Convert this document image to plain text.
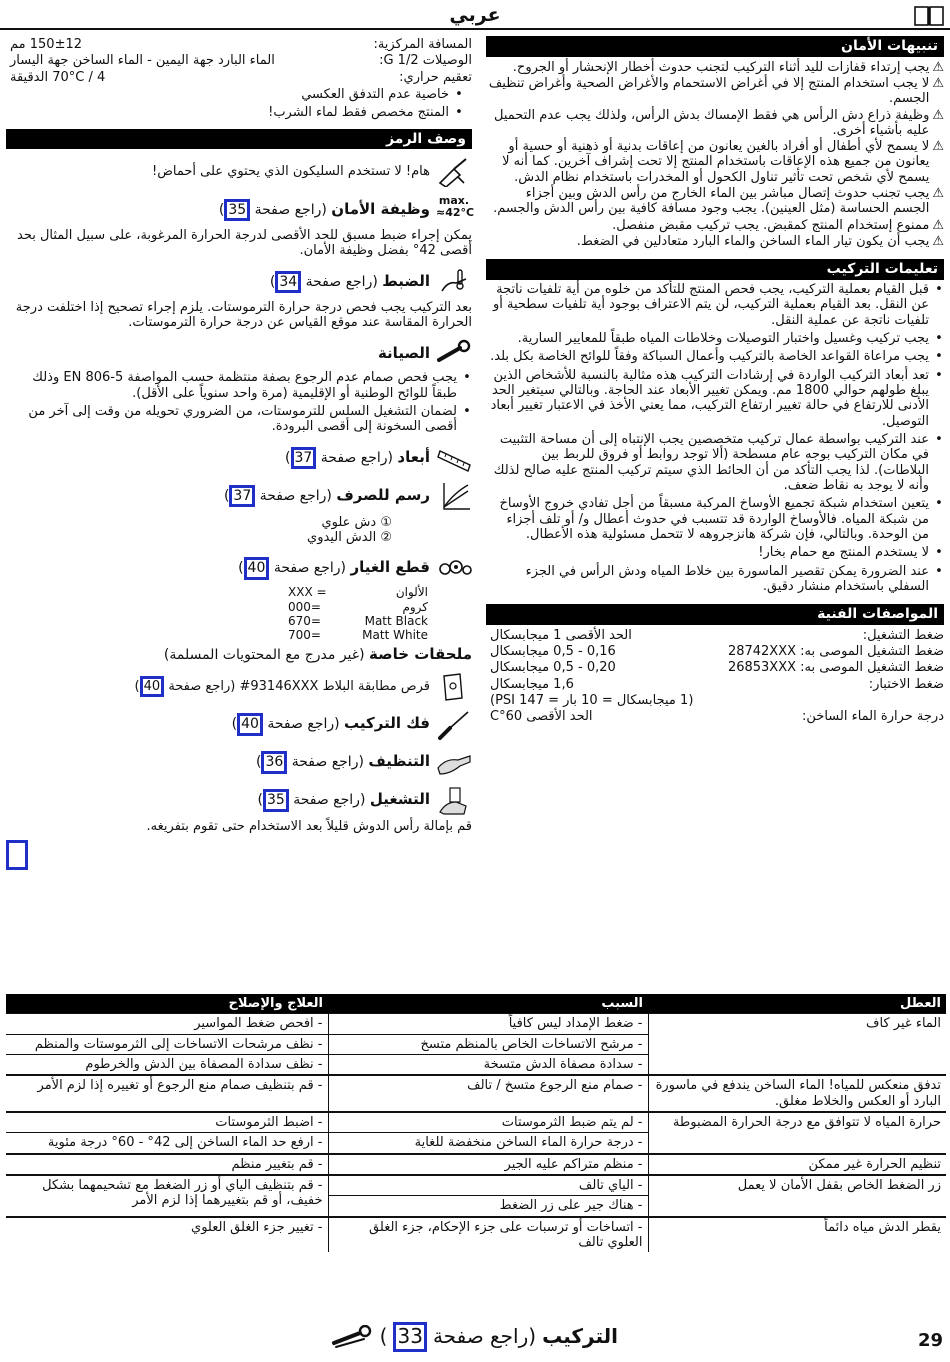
عربي
تنبيهات الأمان
⚠
يجب إرتداء قفازات لليد أثناء التركيب لتجنب حدوث أخطار الإنحشار أو الجروح.
⚠
لا يجب استخدام المنتج إلا في أغراض الاستحمام والأغراض الصحية وأغراض تنظيف الجسم.
⚠
وظيفة ذراع دش الرأس هي فقط الإمساك بدش الرأس، ولذلك يجب عدم التحميل عليه بأشياء أخرى.
⚠
لا يسمح لأي أطفال أو أفراد بالغين يعانون من إعاقات بدنية أو ذهنية أو حسية أو يعانون من جميع هذه الإعاقات باستخدام المنتج إلا تحت إشراف آخرين. كما أنه لا يسمح لأي شخص تحت تأثير تناول الكحول أو المخدرات باستخدام نظام الدش.
⚠
يجب تجنب حدوث إتصال مباشر بين الماء الخارج من رأس الدش وبين أجزاء الجسم الحساسة (مثل العينين). يجب وجود مسافة كافية بين رأس الدش والجسم.
⚠
ممنوع إستخدام المنتج كمقبض. يجب تركيب مقبض منفصل.
⚠
يجب أن يكون تيار الماء الساخن والماء البارد متعادلين في الضغط.
تعليمات التركيب
•
قبل القيام بعملية التركيب، يجب فحص المنتج للتأكد من خلوه من أية تلفيات ناتجة عن النقل. بعد القيام بعملية التركيب، لن يتم الاعتراف بوجود أية تلفيات سطحية أو تلفيات ناتجة عن عملية النقل.
•
يجب تركيب وغسيل واختبار التوصيلات وخلاطات المياه طبقاً للمعايير السارية.
•
يجب مراعاة القواعد الخاصة بالتركيب وأعمال السباكة وفقاً للوائح الخاصة بكل بلد.
•
تعد أبعاد التركيب الواردة في إرشادات التركيب هذه مثالية بالنسبة للأشخاص الذين يبلغ طولهم حوالي 1800 مم. ويمكن تغيير الأبعاد عند الحاجة. وبالتالي سيتغير الحد الأدنى للارتفاع في حالة تغيير ارتفاع التركيب، مما يعني الأخذ في الاعتبار تغيير أبعاد التوصيل.
•
عند التركيب بواسطة عمال تركيب متخصصين يجب الإنتباه إلى أن مساحة التثبيت في مكان التركيب بوجه عام مسطحة (ألا توجد روابط أو فروق للربط بين البلاطات). لذا يجب التأكد من أن الحائط الذي سيتم تركيب المنتج عليه صالح لذلك وأنه لا يوجد به نقاط ضعف.
•
يتعين استخدام شبكة تجميع الأوساخ المركبة مسبقاً من أجل تفادي خروج الأوساخ من شبكة المياه. فالأوساخ الواردة قد تتسبب في حدوث أعطال و/ أو تلف أجزاء من الوحدة. وبالتالي، فإن شركة هانزجروهه لا تتحمل مسئولية هذه الأعطال.
•
لا يستخدم المنتج مع حمام بخار!
•
عند الضرورة يمكن تقصير الماسورة بين خلاط المياه ودش الرأس في الجزء السفلي باستخدام منشار دقيق.
المواصفات الفنية
ضغط التشغيل:
الحد الأقصى 1 ميجابسكال
ضغط التشغيل الموصى به: 28742XXX
0,16 - 0,5 ميجابسكال
ضغط التشغيل الموصى به: 26853XXX
0,20 - 0,5 ميجابسكال
ضغط الاختبار:
1,6 ميجابسكال
(1 ميجابسكال = 10 بار = 147 PSI)
درجة حرارة الماء الساخن:
الحد الأقصى 60°C
المسافة المركزية:
150±12 مم
الوصيلات G 1/2:
الماء البارد جهة اليمين - الماء الساخن جهة اليسار
تعقيم حراري:
70°C / 4 الدقيقة
•
خاصية عدم التدفق العكسي
•
المنتج مخصص فقط لماء الشرب!
وصف الرمز
هام! لا تستخدم السليكون الذي يحتوي على أحماض!
max. ≈42°C
وظيفة الأمان (راجع صفحة 35)
يمكن إجراء ضبط مسبق للحد الأقصى لدرجة الحرارة المرغوبة، على سبيل المثال بحد أقصى 42° بفضل وظيفة الأمان.
الضبط (راجع صفحة 34)
بعد التركيب يجب فحص درجة حرارة الترموستات. يلزم إجراء تصحيح إذا اختلفت درجة الحرارة المقاسة عند موقع القياس عن درجة حرارة الترموستات.
الصيانة
•
يجب فحص صمام عدم الرجوع بصفة منتظمة حسب المواصفة EN 806-5 وذلك طبقاً للوائح الوطنية أو الإقليمية (مرة واحد سنوياً على الأقل).
•
لضمان التشغيل السلس للترموستات، من الضروري تحويله من وقت إلى آخر من أقصى السخونة إلى أقصى البرودة.
أبعاد (راجع صفحة 37)
رسم للصرف (راجع صفحة 37)
① دش علوي
② الدش اليدوي
قطع الغيار (راجع صفحة 40)
XXX =	الألوان
000=	كروم
670=	Matt Black
700=	Matt White
ملحقات خاصة (غير مدرج مع المحتويات المسلمة)
قرص مطابقة البلاط 93146XXX# (راجع صفحة 40)
فك التركيب (راجع صفحة 40)
التنظيف (راجع صفحة 36)
التشغيل (راجع صفحة 35)
قم بإمالة رأس الدوش قليلاً بعد الاستخدام حتى تقوم بتفريغه.
العطل	السبب	العلاج والإصلاح
الماء غير كاف	- ضغط الإمداد ليس كافياً	- افحص ضغط المواسير
	- مرشح الاتساخات الخاص بالمنظم متسخ	- نظف مرشحات الاتساخات إلى الثرموستات والمنظم
	- سدادة مصفاة الدش متسخة	- نظف سدادة المصفاة بين الدش والخرطوم
تدفق منعكس للمياه! الماء الساخن يندفع في ماسورة البارد أو العكس والخلاط مغلق.	- صمام منع الرجوع متسخ / تالف	- قم بتنظيف صمام منع الرجوع أو تغييره إذا لزم الأمر
حرارة المياه لا تتوافق مع درجة الحرارة المضبوطة	- لم يتم ضبط الثرموستات	- اضبط الثرموستات
	- درجة حرارة الماء الساخن منخفضة للغاية	- ارفع حد الماء الساخن إلى 42° - 60° درجة مئوية
تنظيم الحرارة غير ممكن	- منظم متراكم عليه الجير	- قم بتغيير منظم
زر الضغط الخاص بقفل الأمان لا يعمل	- الياي تالف	- قم بتنظيف الياي أو زر الضغط مع تشحيمهما بشكل خفيف، أو قم بتغييرهما إذا لزم الأمر
	- هناك جير على زر الضغط	
يقطر الدش مياه دائماً	- اتساخات أو ترسبات على جزء الإحكام، جزء الغلق العلوي تالف	- تغيير جزء الغلق العلوي
29
التركيب
(راجع صفحة
33
)
